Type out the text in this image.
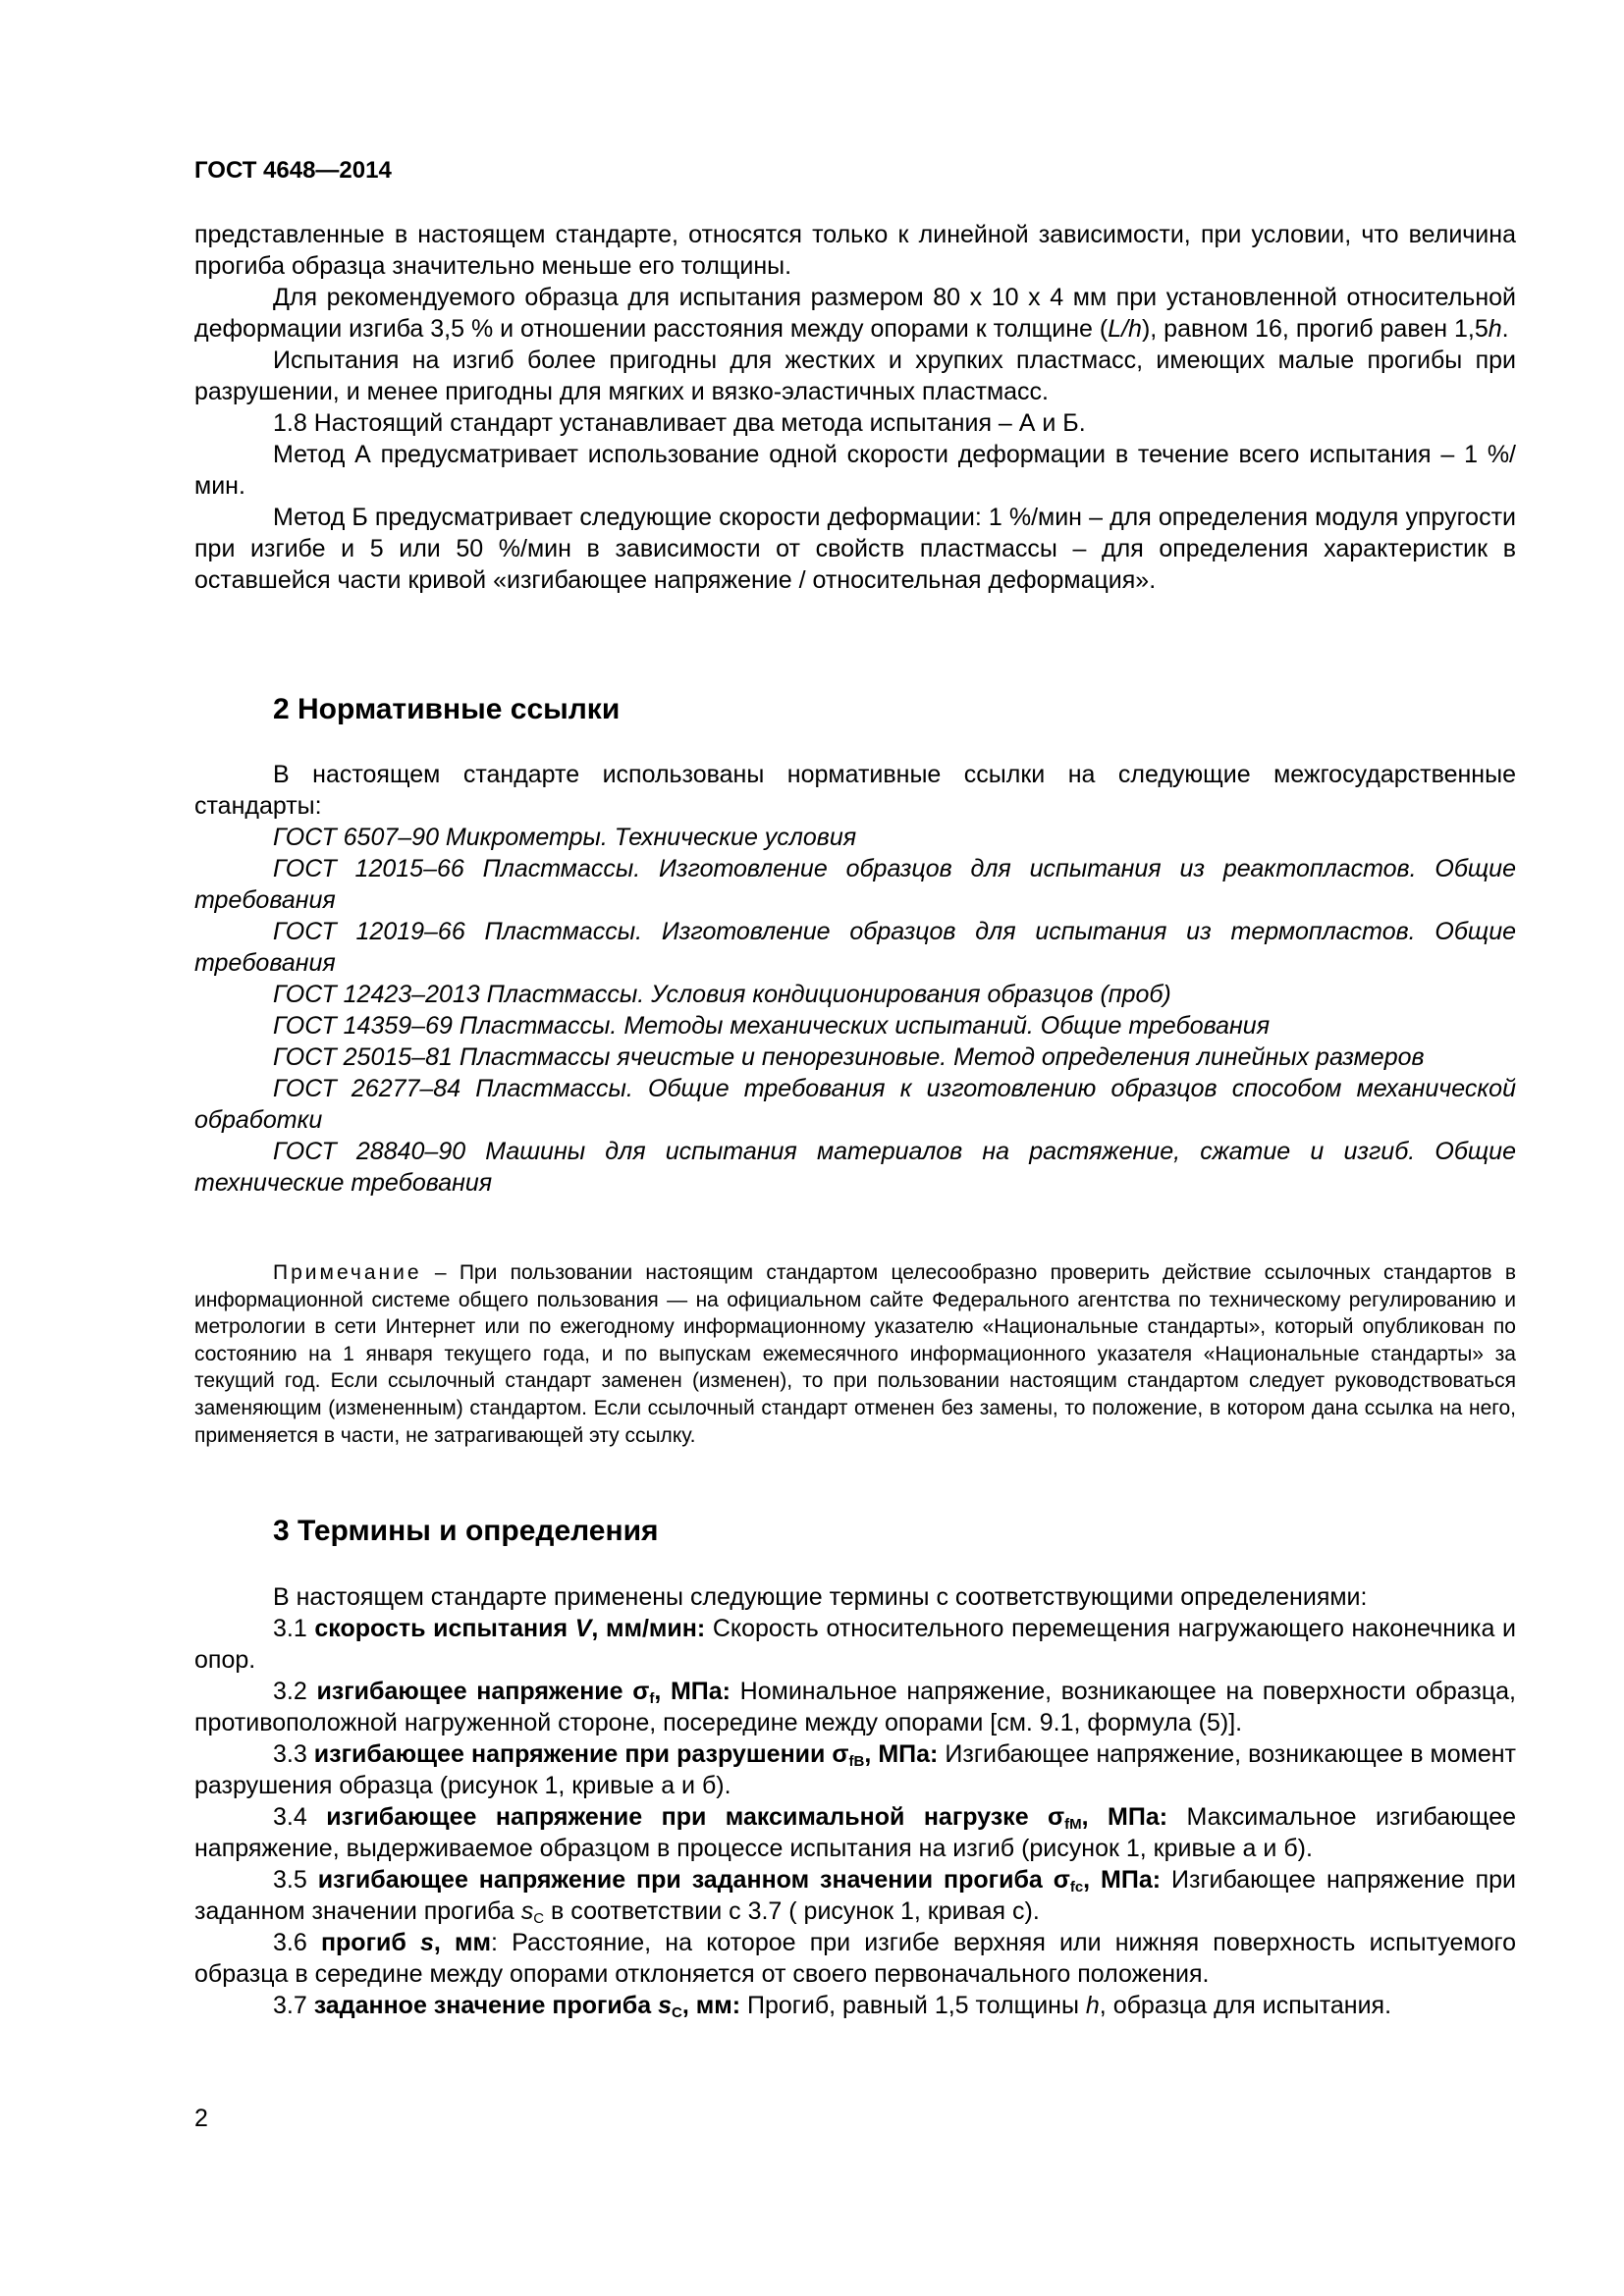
ГОСТ 4648—2014

представленные в настоящем стандарте, относятся только к линейной зависимости, при условии, что величина прогиба образца значительно меньше его толщины.

Для рекомендуемого образца для испытания размером 80 х 10 х 4 мм при установленной относительной деформации изгиба 3,5 % и отношении расстояния между опорами к толщине (L/h), равном 16, прогиб равен 1,5h.

Испытания на изгиб более пригодны для жестких и хрупких пластмасс, имеющих малые прогибы при разрушении, и менее пригодны для мягких и вязко-эластичных пластмасс.

1.8 Настоящий стандарт устанавливает два метода испытания – А и Б.

Метод А предусматривает использование одной скорости деформации в течение всего испытания – 1 %/мин.

Метод Б предусматривает следующие скорости деформации: 1 %/мин – для определения модуля упругости при изгибе и 5 или 50 %/мин в зависимости от свойств пластмассы – для определения характеристик в оставшейся части кривой «изгибающее напряжение / относительная деформация».

2 Нормативные ссылки

В настоящем стандарте использованы нормативные ссылки на следующие межгосударственные стандарты:

ГОСТ 6507–90 Микрометры. Технические условия

ГОСТ 12015–66 Пластмассы. Изготовление образцов для испытания из реактопластов. Общие требования

ГОСТ 12019–66 Пластмассы. Изготовление образцов для испытания из термопластов. Общие требования

ГОСТ 12423–2013 Пластмассы. Условия кондиционирования образцов (проб)

ГОСТ 14359–69 Пластмассы. Методы механических испытаний. Общие требования

ГОСТ 25015–81 Пластмассы ячеистые и пенорезиновые. Метод определения линейных размеров

ГОСТ 26277–84 Пластмассы. Общие требования к изготовлению образцов способом механической обработки

ГОСТ 28840–90 Машины для испытания материалов на растяжение, сжатие и изгиб. Общие технические требования

Примечание – При пользовании настоящим стандартом целесообразно проверить действие ссылочных стандартов в информационной системе общего пользования — на официальном сайте Федерального агентства по техническому регулированию и метрологии в сети Интернет или по ежегодному информационному указателю «Национальные стандарты», который опубликован по состоянию на 1 января текущего года, и по выпускам ежемесячного информационного указателя «Национальные стандарты» за текущий год. Если ссылочный стандарт заменен (изменен), то при пользовании настоящим стандартом следует руководствоваться заменяющим (измененным) стандартом. Если ссылочный стандарт отменен без замены, то положение, в котором дана ссылка на него, применяется в части, не затрагивающей эту ссылку.

3 Термины и определения

В настоящем стандарте применены следующие термины с соответствующими определениями:

3.1 скорость испытания V, мм/мин: Скорость относительного перемещения нагружающего наконечника и опор.

3.2 изгибающее напряжение $\sigma_f$, МПа: Номинальное напряжение, возникающее на поверхности образца, противоположной нагруженной стороне, посередине между опорами [см. 9.1, формула (5)].

3.3 изгибающее напряжение при разрушении $\sigma_{fB}$, МПа: Изгибающее напряжение, возникающее в момент разрушения образца (рисунок 1, кривые а и б).

3.4 изгибающее напряжение при максимальной нагрузке $\sigma_{fM}$, МПа: Максимальное изгибающее напряжение, выдерживаемое образцом в процессе испытания на изгиб (рисунок 1, кривые а и б).

3.5 изгибающее напряжение при заданном значении прогиба $\sigma_{fc}$, МПа: Изгибающее напряжение при заданном значении прогиба $s_C$ в соответствии с 3.7 ( рисунок 1, кривая с).

3.6 прогиб s, мм: Расстояние, на которое при изгибе верхняя или нижняя поверхность испытуемого образца в середине между опорами отклоняется от своего первоначального положения.

3.7 заданное значение прогиба $s_C$, мм: Прогиб, равный 1,5 толщины h, образца для испытания.

2
